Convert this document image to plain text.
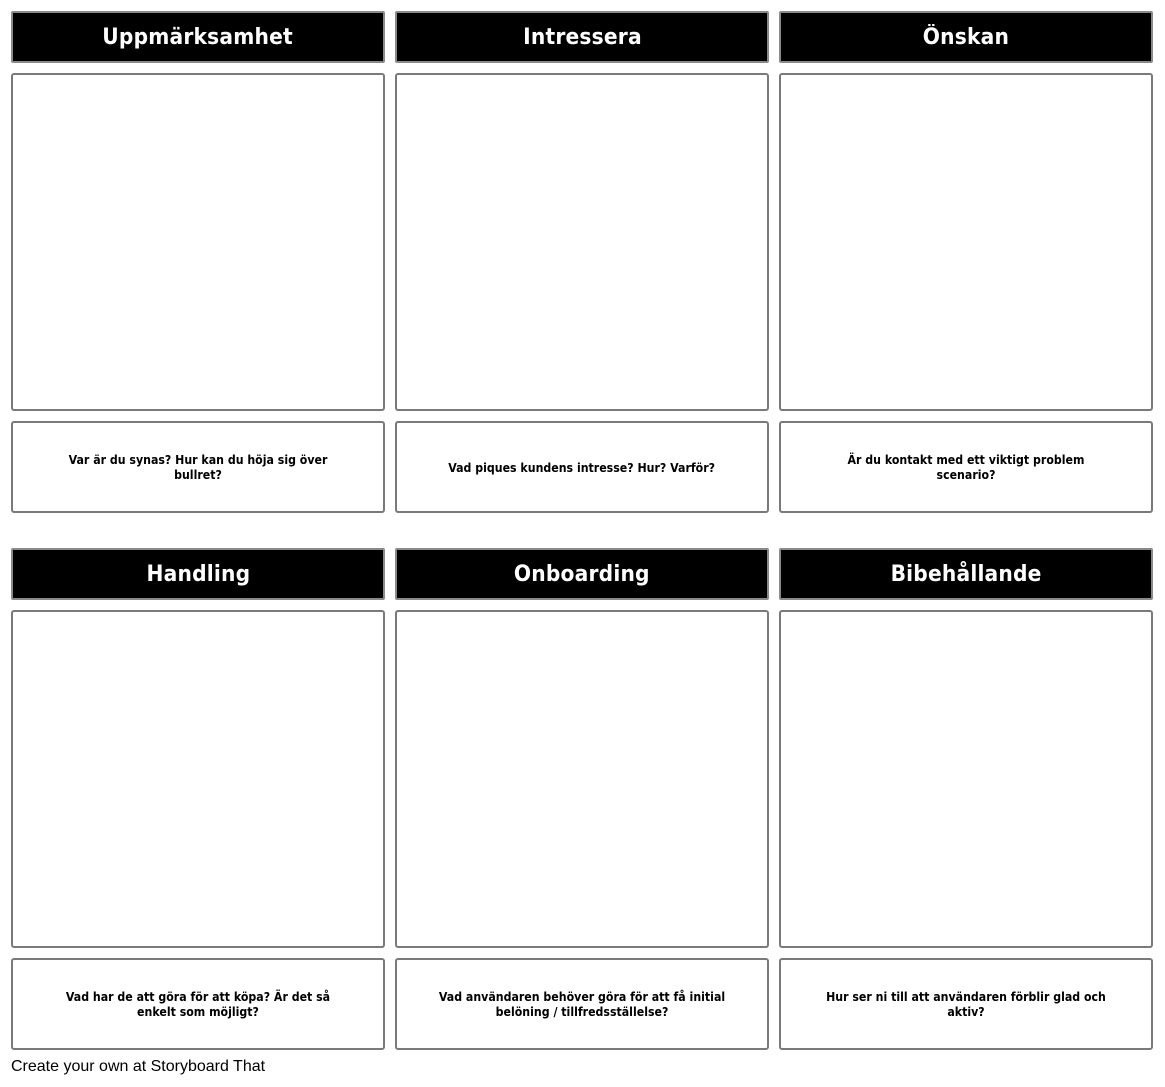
Uppmärksamhet	Intressera	Önskan
Var är du synas? Hur kan du höja sig över bullret?	Vad piques kundens intresse? Hur? Varför?	Är du kontakt med ett viktigt problem scenario?
Handling	Onboarding	Bibehållande
Vad har de att göra för att köpa? Är det så enkelt som möjligt?
Vad användaren behöver göra för att få initial belöning / tillfredsställelse?
Hur ser ni till att användaren förblir glad och aktiv?
Create your own at Storyboard That
